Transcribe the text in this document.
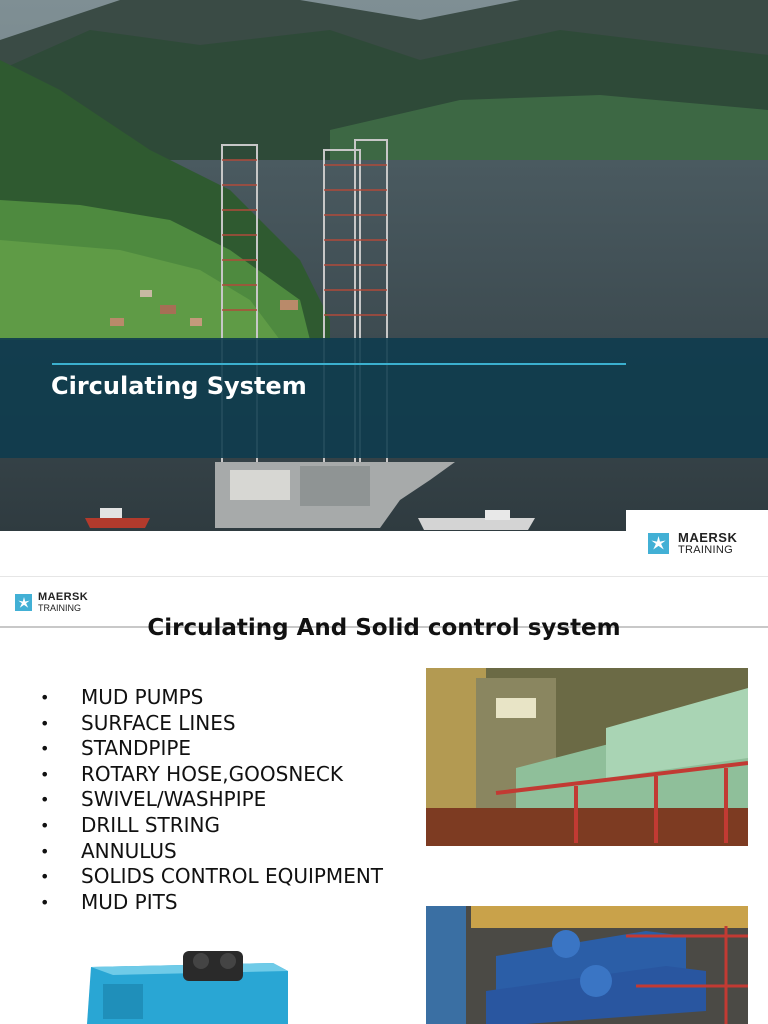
Circulating System
MAERSK
TRAINING
MAERSK
TRAINING
Circulating And Solid control system
• MUD PUMPS
• SURFACE LINES
• STANDPIPE
• ROTARY HOSE,GOOSNECK
• SWIVEL/WASHPIPE
• DRILL STRING
• ANNULUS
• SOLIDS CONTROL EQUIPMENT
• MUD PITS
